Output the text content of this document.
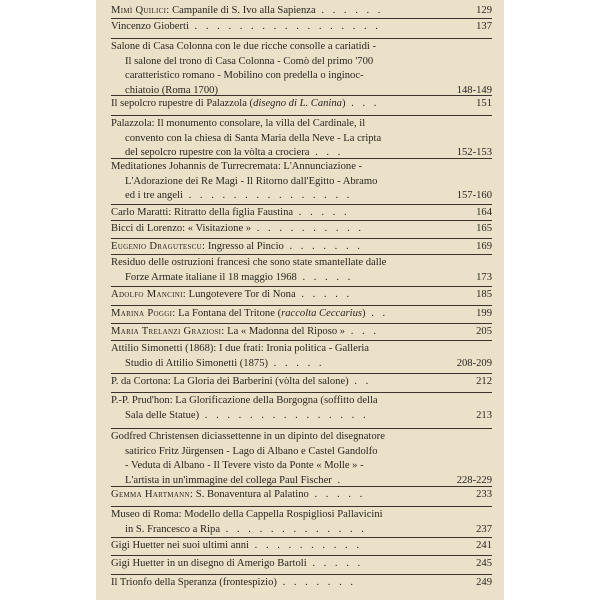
Mimì Quilici: Campanile di S. Ivo alla Sapienza . . . . . .	129
Vincenzo Gioberti . . . . . . . . . . . . . . . . .	137
Salone di Casa Colonna con le due ricche consolle a cariatidi -
Il salone del trono di Casa Colonna - Comò del primo '700
caratteristico romano - Mobilino con predella o inginoc-
chiatoio (Roma 1700)	148-149
Il sepolcro rupestre di Palazzola (disegno di L. Canina) . . .	151
Palazzola: Il monumento consolare, la villa del Cardinale, il
convento con la chiesa di Santa Maria della Neve - La cripta
del sepolcro rupestre con la vòlta a crociera . . .	152-153
Meditationes Johannis de Turrecremata: L'Annunciazione -
L'Adorazione dei Re Magi - Il Ritorno dall'Egitto - Abramo
ed i tre angeli . . . . . . . . . . . . . . .	157-160
Carlo Maratti: Ritratto della figlia Faustina . . . . .	164
Bicci di Lorenzo: « Visitazione » . . . . . . . . . .	165
Eugenio Dragutescu: Ingresso al Pincio . . . . . . .	169
Residuo delle ostruzioni francesi che sono state smantellate dalle
Forze Armate italiane il 18 maggio 1968 . . . . .	173
Adolfo Mancini: Lungotevere Tor di Nona . . . . .	185
Marina Poggi: La Fontana del Tritone (raccolta Ceccarius) . .	199
Maria Trelanzi Graziosi: La « Madonna del Riposo » . . .	205
Attilio Simonetti (1868): I due frati: Ironia politica - Galleria
Studio di Attilio Simonetti (1875) . . . . .	208-209
P. da Cortona: La Gloria dei Barberini (vòlta del salone) . .	212
P.-P. Prud'hon: La Glorificazione della Borgogna (soffitto della
Sala delle Statue) . . . . . . . . . . . . . . .	213
Godfred Christensen diciassettenne in un dipinto del disegnatore
satirico Fritz Jürgensen - Lago di Albano e Castel Gandolfo
- Veduta di Albano - Il Tevere visto da Ponte « Molle » -
L'artista in un'immagine del collega Paul Fischer .	228-229
Gemma Hartmann: S. Bonaventura al Palatino . . . . .	233
Museo di Roma: Modello della Cappella Rospigliosi Pallavicini
in S. Francesco a Ripa . . . . . . . . . . . . .	237
Gigi Huetter nei suoi ultimi anni . . . . . . . . . .	241
Gigi Huetter in un disegno di Amerigo Bartoli . . . . .	245
Il Trionfo della Speranza (frontespizio) . . . . . . .	249
